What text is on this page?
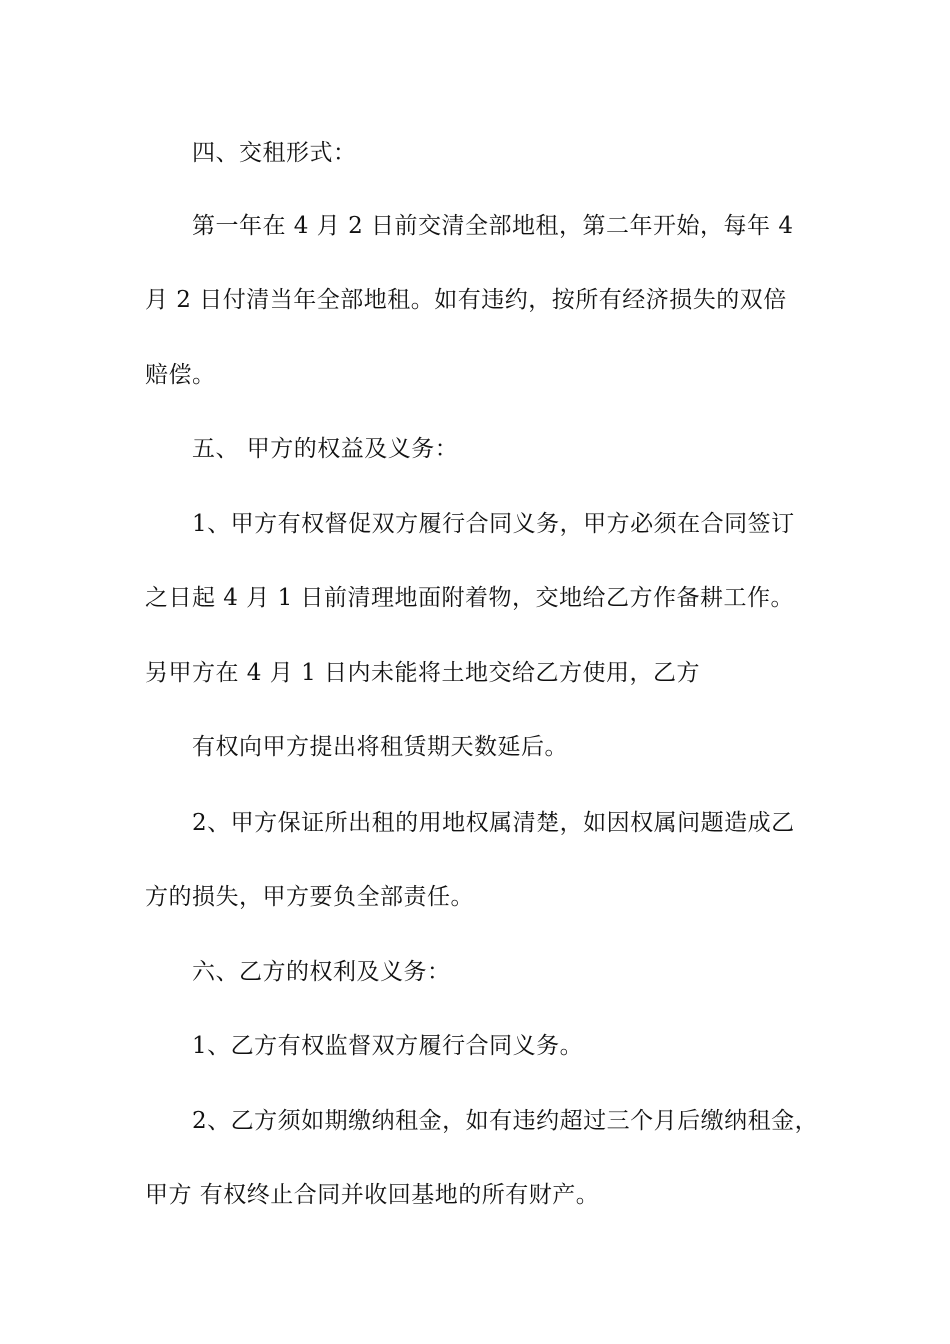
四、交租形式：
第一年在 4 月 2 日前交清全部地租，第二年开始，每年 4
月 2 日付清当年全部地租。如有违约，按所有经济损失的双倍
赔偿。
五、 甲方的权益及义务：
1、甲方有权督促双方履行合同义务，甲方必须在合同签订
之日起 4 月 1 日前清理地面附着物，交地给乙方作备耕工作。
另甲方在 4 月 1 日内未能将土地交给乙方使用，乙方
有权向甲方提出将租赁期天数延后。
2、甲方保证所出租的用地权属清楚，如因权属问题造成乙
方的损失，甲方要负全部责任。
六、乙方的权利及义务：
1、乙方有权监督双方履行合同义务。
2、乙方须如期缴纳租金，如有违约超过三个月后缴纳租金，
甲方 有权终止合同并收回基地的所有财产。
